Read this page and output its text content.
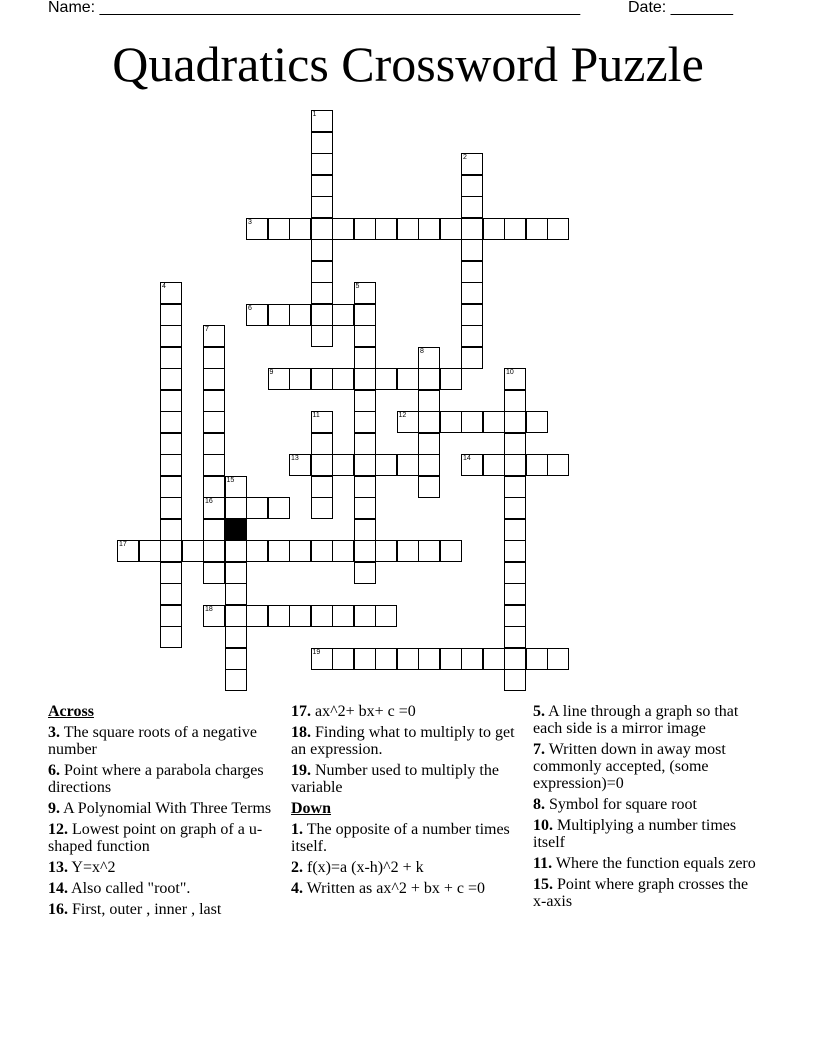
Name: ______________________________________________________	Date: _______
Quadratics Crossword Puzzle
1
2
3
4	5
6
7
16
8
9	10
11	12
13	14
15
17
18
19
Across
3. The square roots of a negative number
6. Point where a parabola charges directions
9. A Polynomial With Three Terms
12. Lowest point on graph of a u-shaped function
13. Y=x^2
14. Also called "root".
16. First, outer , inner , last
17. ax^2+ bx+ c =0
18. Finding what to multiply to get an expression.
19. Number used to multiply the variable
Down
1. The opposite of a number times itself.
2. f(x)=a (x-h)^2 + k
4. Written as ax^2 + bx + c =0
5. A line through a graph so that each side is a mirror image
7. Written down in away most commonly accepted, (some expression)=0
8. Symbol for square root
10. Multiplying a number times itself
11. Where the function equals zero
15. Point where graph crosses the x-axis
